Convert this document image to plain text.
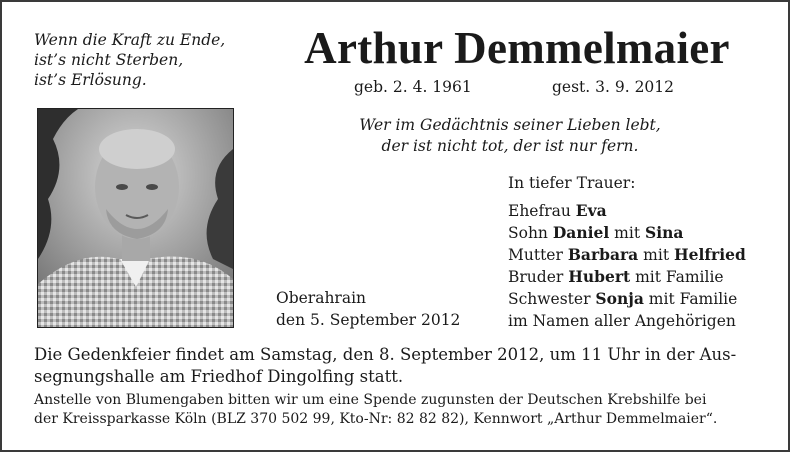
Wenn die Kraft zu Ende,
ist’s nicht Sterben,
ist’s Erlösung.
Arthur Demmelmaier
geb. 2. 4. 1961	gest. 3. 9. 2012
Wer im Gedächtnis seiner Lieben lebt,
der ist nicht tot, der ist nur fern.
Oberahrain
den 5. September 2012
In tiefer Trauer:
Ehefrau Eva
Sohn Daniel mit Sina
Mutter Barbara mit Helfried
Bruder Hubert mit Familie
Schwester Sonja mit Familie
im Namen aller Angehörigen
Die Gedenkfeier findet am Samstag, den 8. September 2012, um 11 Uhr in der Aus-
segnungshalle am Friedhof Dingolfing statt.
Anstelle von Blumengaben bitten wir um eine Spende zugunsten der Deutschen Krebshilfe bei
der Kreissparkasse Köln (BLZ 370 502 99, Kto-Nr: 82 82 82), Kennwort „Arthur Demmelmaier“.
